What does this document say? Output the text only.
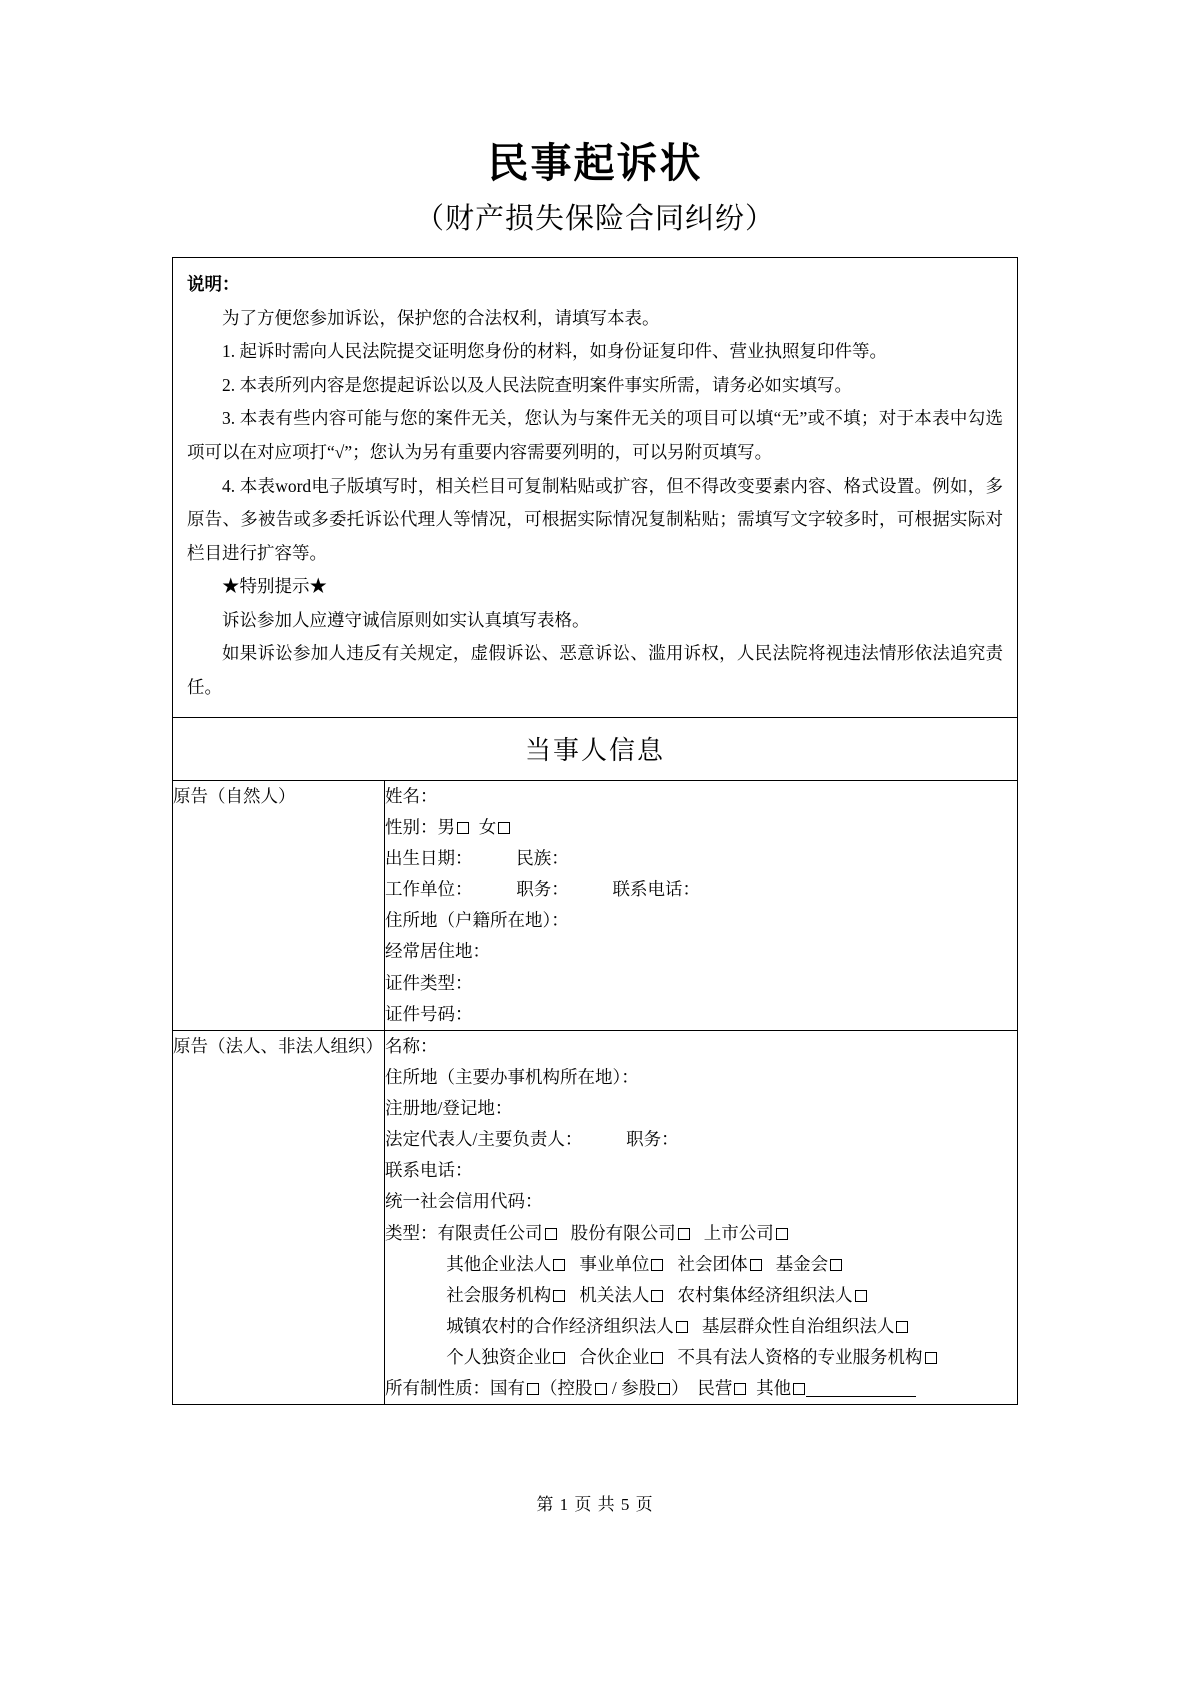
民事起诉状
（财产损失保险合同纠纷）

说明：

为了方便您参加诉讼，保护您的合法权利，请填写本表。

1. 起诉时需向人民法院提交证明您身份的材料，如身份证复印件、营业执照复印件等。

2. 本表所列内容是您提起诉讼以及人民法院查明案件事实所需，请务必如实填写。

3. 本表有些内容可能与您的案件无关，您认为与案件无关的项目可以填“无”或不填；对于本表中勾选项可以在对应项打“√”；您认为另有重要内容需要列明的，可以另附页填写。

4. 本表word电子版填写时，相关栏目可复制粘贴或扩容，但不得改变要素内容、格式设置。例如，多原告、多被告或多委托诉讼代理人等情况，可根据实际情况复制粘贴；需填写文字较多时，可根据实际对栏目进行扩容等。

★特别提示★

诉讼参加人应遵守诚信原则如实认真填写表格。

如果诉讼参加人违反有关规定，虚假诉讼、恶意诉讼、滥用诉权，人民法院将视违法情形依法追究责任。

当事人信息	

原告（自然人）	姓名：

性别：男 女

出生日期：          民族：

工作单位：          职务：          联系电话：

住所地（户籍所在地）：

经常居住地：

证件类型：

证件号码：

原告（法人、非法人组织）	名称：

住所地（主要办事机构所在地）：

注册地/登记地：

法定代表人/主要负责人：          职务：

联系电话：

统一社会信用代码：

类型：有限责任公司 股份有限公司 上市公司

其他企业法人 事业单位 社会团体 基金会

社会服务机构 机关法人 农村集体经济组织法人

城镇农村的合作经济组织法人 基层群众性自治组织法人

个人独资企业 合伙企业 不具有法人资格的专业服务机构

所有制性质：国有 （控股 / 参股 ） 民营 其他

第 1 页 共 5 页
